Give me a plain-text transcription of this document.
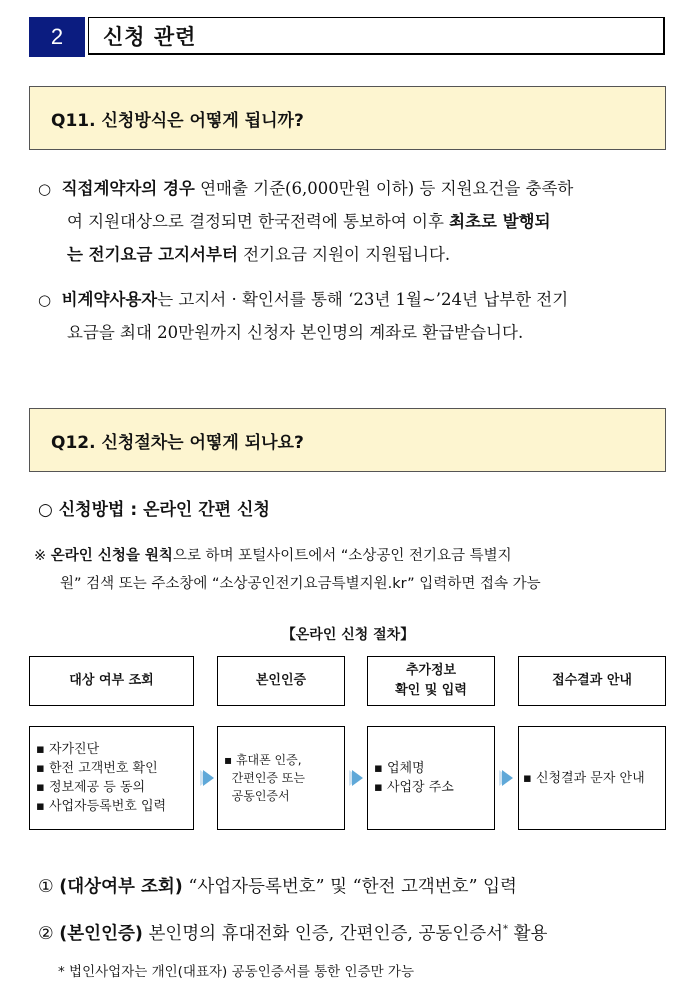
2	신청 관련
Q11. 신청방식은 어떻게 됩니까?
○ 직접계약자의 경우 연매출 기준(6,000만원 이하) 등 지원요건을 충족하
여 지원대상으로 결정되면 한국전력에 통보하여 이후 최초로 발행되
는 전기요금 고지서부터 전기요금 지원이 지원됩니다.
○ 비계약사용자는 고지서 · 확인서를 통해 ‘23년 1월~’24년 납부한 전기
요금을 최대 20만원까지 신청자 본인명의 계좌로 환급받습니다.
Q12. 신청절차는 어떻게 되나요?
○ 신청방법 : 온라인 간편 신청
※ 온라인 신청을 원칙으로 하며 포털사이트에서 “소상공인 전기요금 특별지
원” 검색 또는 주소창에 “소상공인전기요금특별지원.kr” 입력하면 접속 가능
【온라인 신청 절차】
대상 여부 조회	본인인증
추가정보
확인 및 입력
접수결과 안내
▪ 자가진단
▪ 한전 고객번호 확인
▪ 정보제공 등 동의
▪ 사업자등록번호 입력
▪ 휴대폰 인증,
간편인증 또는
공동인증서
▪ 업체명
▪ 사업장 주소
▪ 신청결과 문자 안내
① (대상여부 조회) “사업자등록번호” 및 “한전 고객번호” 입력
② (본인인증) 본인명의 휴대전화 인증, 간편인증, 공동인증서* 활용
* 법인사업자는 개인(대표자) 공동인증서를 통한 인증만 가능
